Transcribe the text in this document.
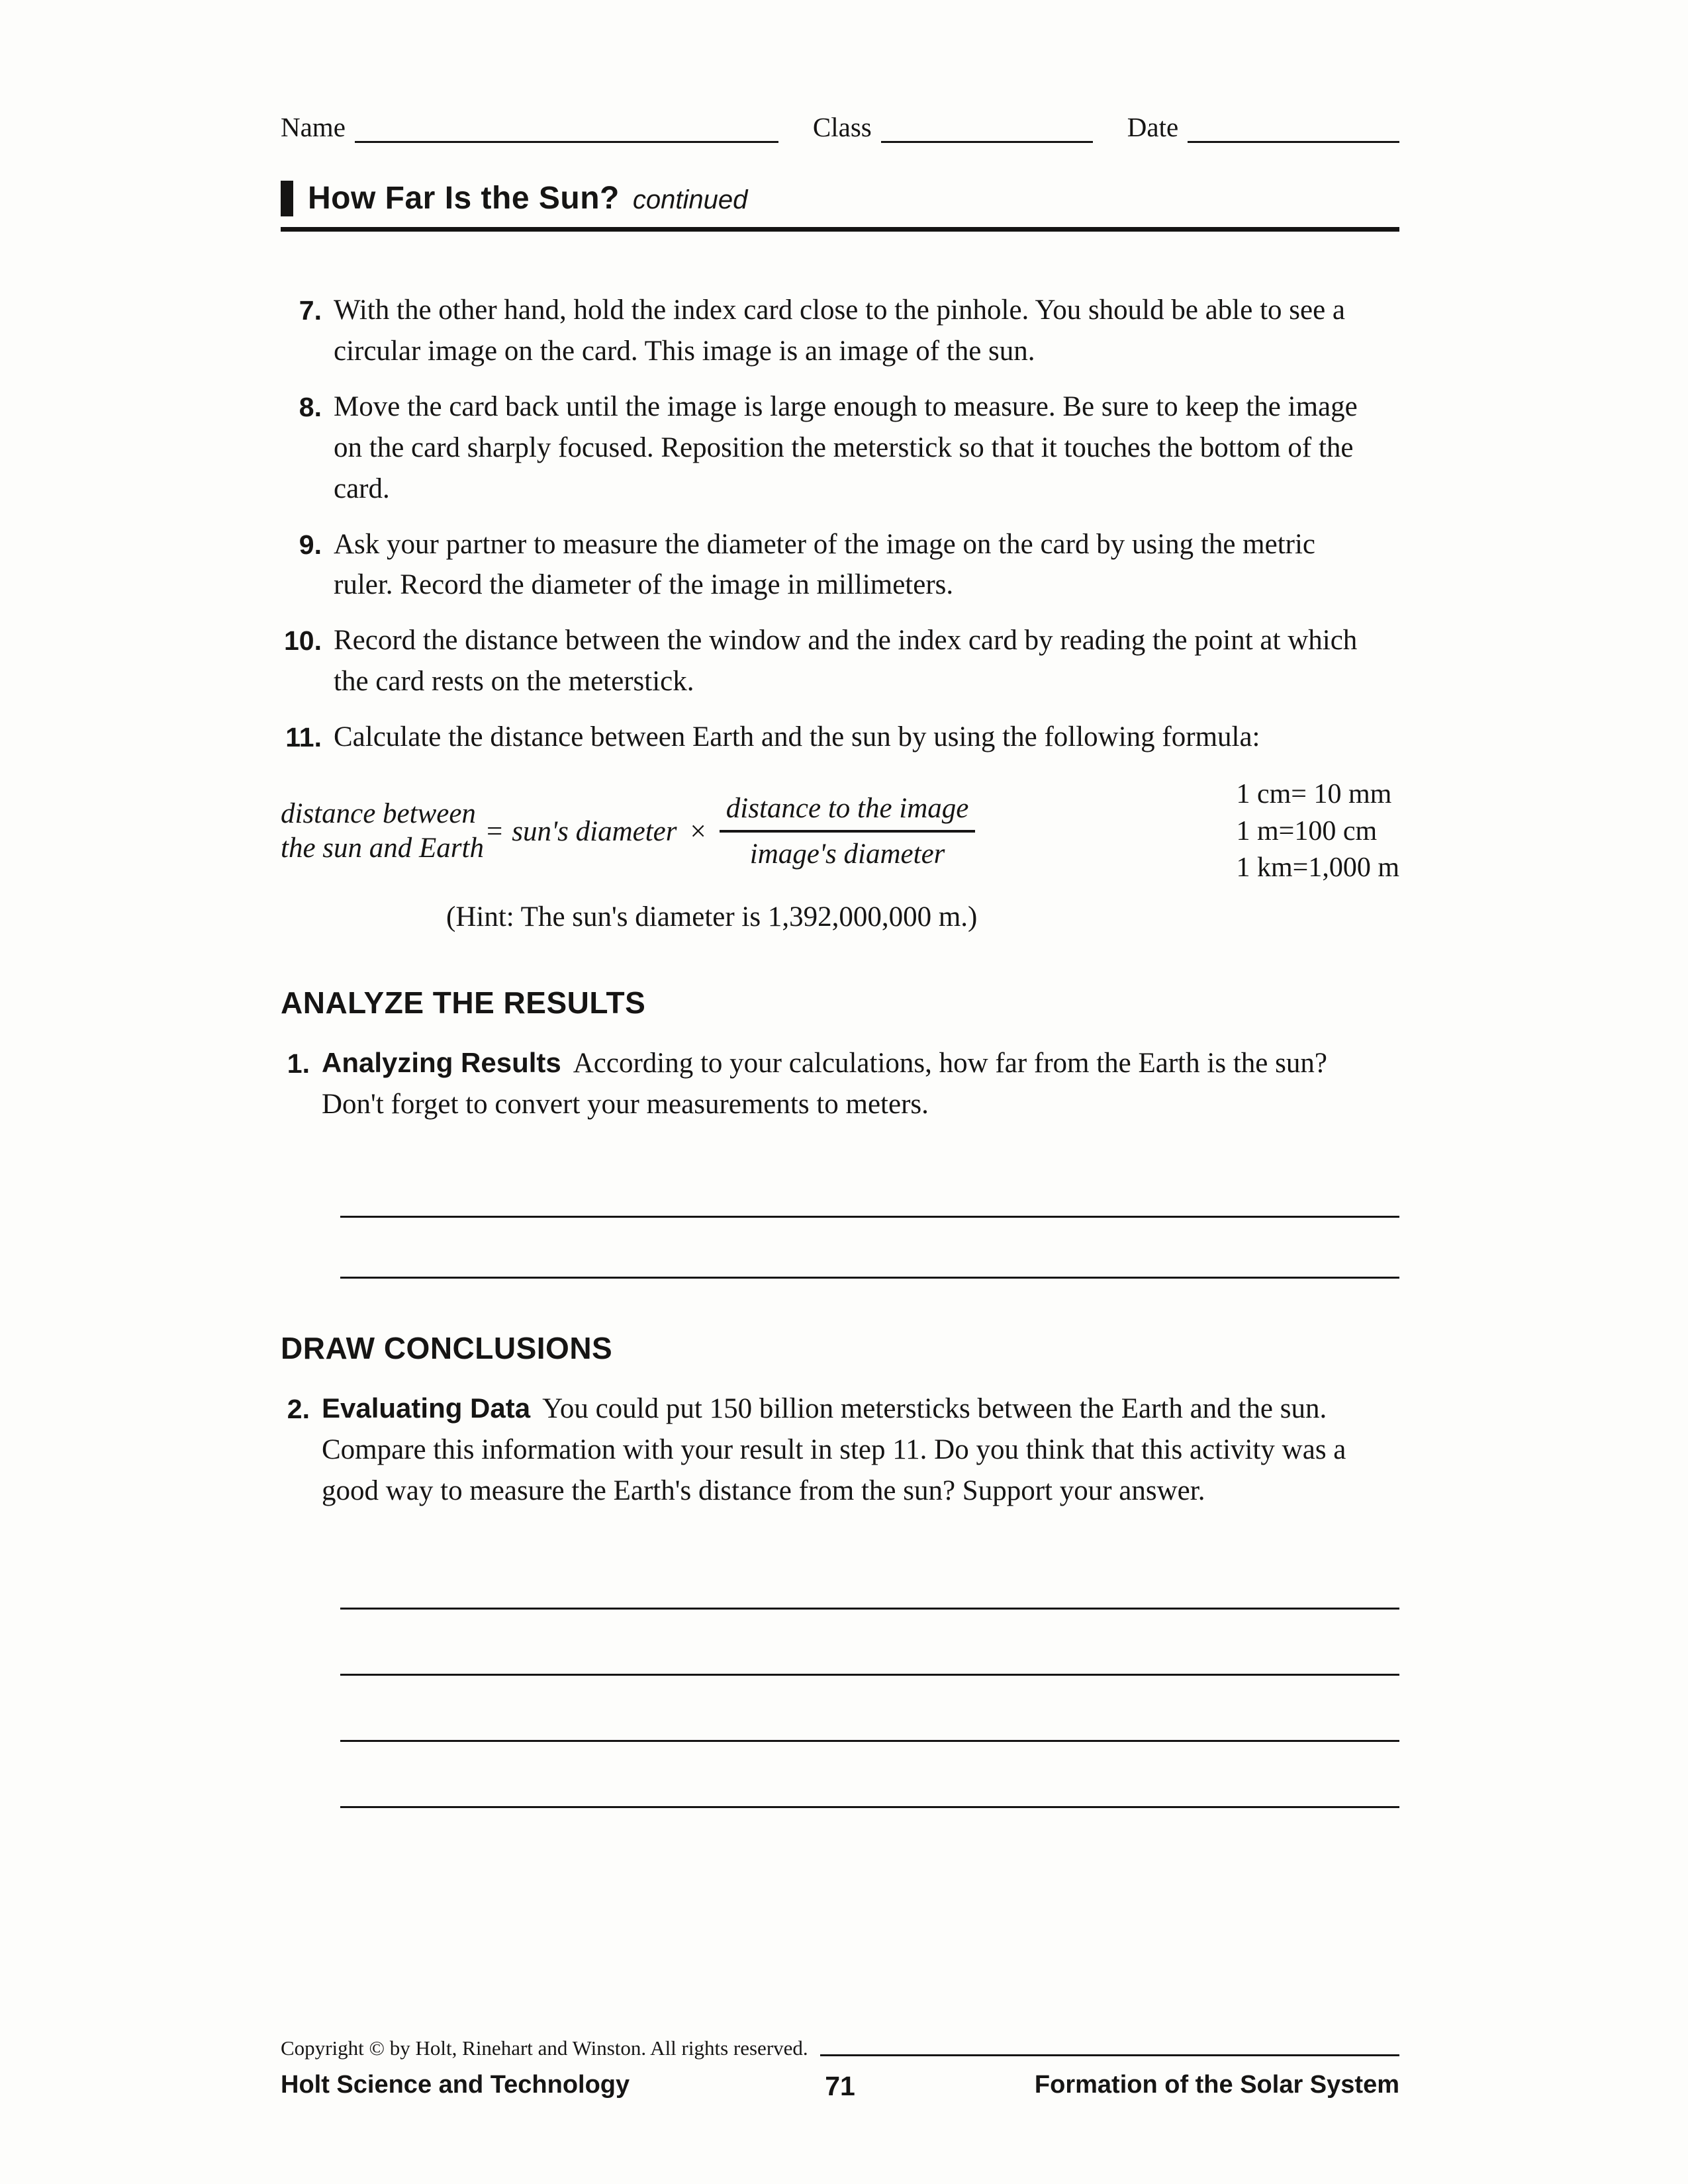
Name	Class	Date
How Far Is the Sun? continued
7. With the other hand, hold the index card close to the pinhole. You should be able to see a circular image on the card. This image is an image of the sun.
8. Move the card back until the image is large enough to measure. Be sure to keep the image on the card sharply focused. Reposition the meterstick so that it touches the bottom of the card.
9. Ask your partner to measure the diameter of the image on the card by using the metric ruler. Record the diameter of the image in millimeters.
10. Record the distance between the window and the index card by reading the point at which the card rests on the meterstick.
11. Calculate the distance between Earth and the sun by using the following formula:
distance between
the sun and Earth
= sun's diameter × $\frac{\text{distance to the image}}{\text{image's diameter}}$	1 cm= 10 mm
1 m=100 cm
1 km=1,000 m
(Hint: The sun's diameter is 1,392,000,000 m.)
ANALYZE THE RESULTS
1. Analyzing Results According to your calculations, how far from the Earth is the sun? Don't forget to convert your measurements to meters.
DRAW CONCLUSIONS
2. Evaluating Data You could put 150 billion metersticks between the Earth and the sun. Compare this information with your result in step 11. Do you think that this activity was a good way to measure the Earth's distance from the sun? Support your answer.
Copyright © by Holt, Rinehart and Winston. All rights reserved.
Holt Science and Technology	71	Formation of the Solar System
